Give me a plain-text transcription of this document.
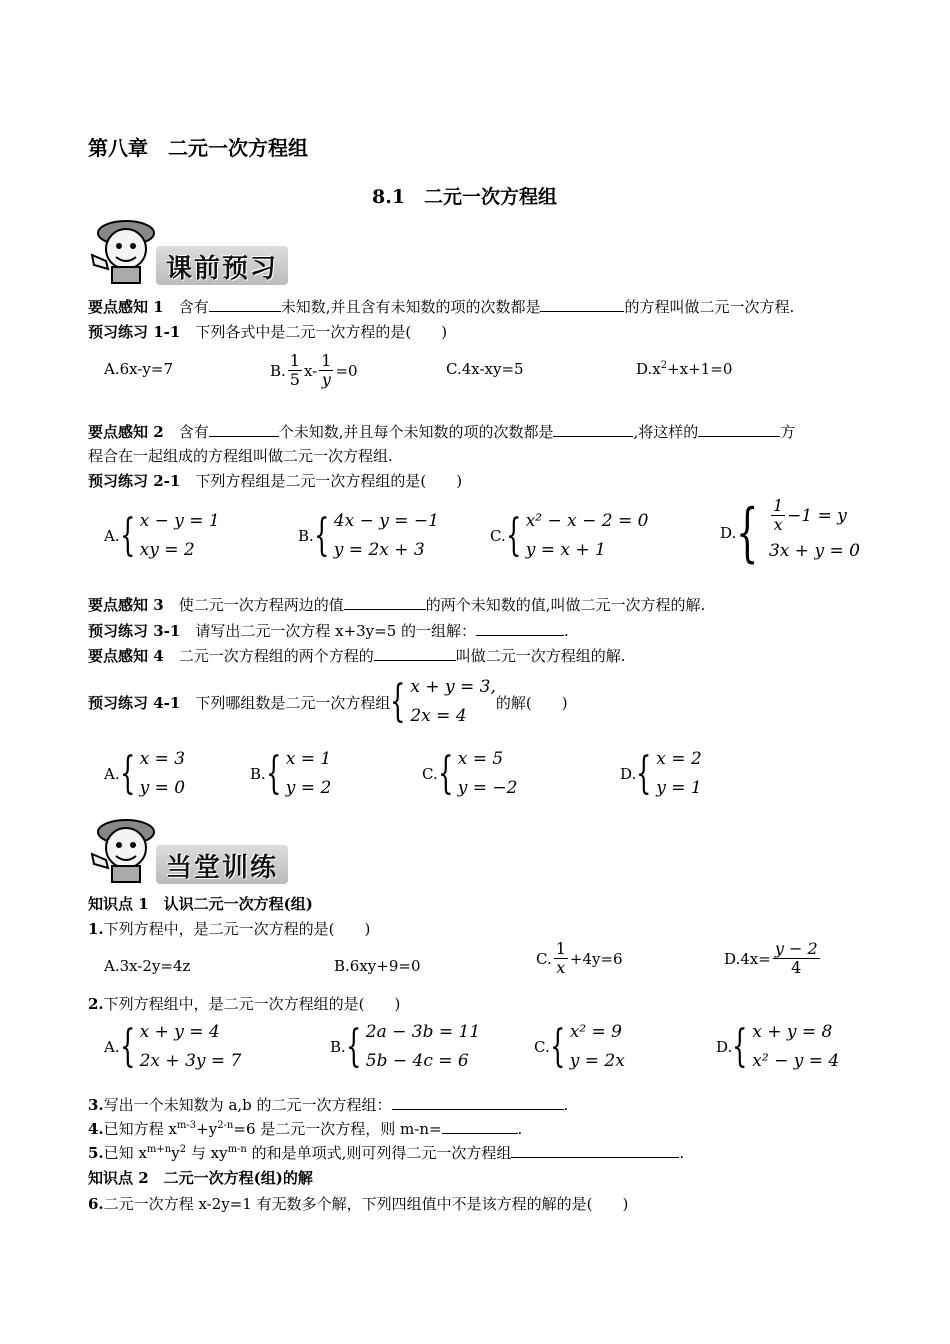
第八章　二元一次方程组
8.1　二元一次方程组
课前预习
要点感知 1　 含有	未知数,并且含有未知数的项的次数都是	的方程叫做二元一次方程.
预习练习 1-1　 下列各式中是二元一次方程的是(　　)
A.6x-y=7	B. $\frac{1}{5} x- \frac{1}{y} =0$	C.4x-xy=5	$D.x^2+x+1=0$
要点感知 2　 含有	个未知数,并且每个未知数的项的次数都是	,将这样的	方
程合在一起组成的方程组叫做二元一次方程组.
预习练习 2-1　 下列方程组是二元一次方程组的是(　　)
A. { x − y = 1
xy = 2
B. { 4x − y = −1
y = 2x + 3
C. { x² − x − 2 = 0
y = x + 1
D. { $\frac{1}{x} -1 = y$
3x + y = 0
要点感知 3　 使二元一次方程两边的值	的两个未知数的值,叫做二元一次方程的解.
预习练习 3-1　 请写出二元一次方程 x+3y=5 的一组解：	.
要点感知 4　 二元一次方程组的两个方程的	叫做二元一次方程组的解.
预习练习 4-1
　 下列哪组数是二元一次方程组 { x + y = 3,
2x = 4
的解(　　)
A. { x = 3
y = 0
B. { x = 1
y = 2
C. { x = 5
y = −2
D. { x = 2
y = 1
当堂训练
知识点 1　认识二元一次方程(组)
1.下列方程中，是二元一次方程的是(　　)
A.3x-2y=4z	B.6xy+9=0	C. $\frac{1}{x} +4y=6$	$D.4x= \frac{y - 2}{4}$
2.下列方程组中，是二元一次方程组的是(　　)
A. { x + y = 4
2x + 3y = 7
B. { 2a − 3b = 11
5b − 4c = 6
C. { x² = 9
y = 2x
D. { x + y = 8
x² − y = 4
3.写出一个未知数为 a,b 的二元一次方程组：	.
4.已知方程 $x^{m-3}+y^{2-n}=6$ 是二元一次方程，则 m-n=	.
5.已知 $x^{m+n}y^2$ 与 $xy^{m-n}$ 的和是单项式,则可列得二元一次方程组	.
知识点 2　二元一次方程(组)的解
6.二元一次方程 x-2y=1 有无数多个解，下列四组值中不是该方程的解的是(　　)
